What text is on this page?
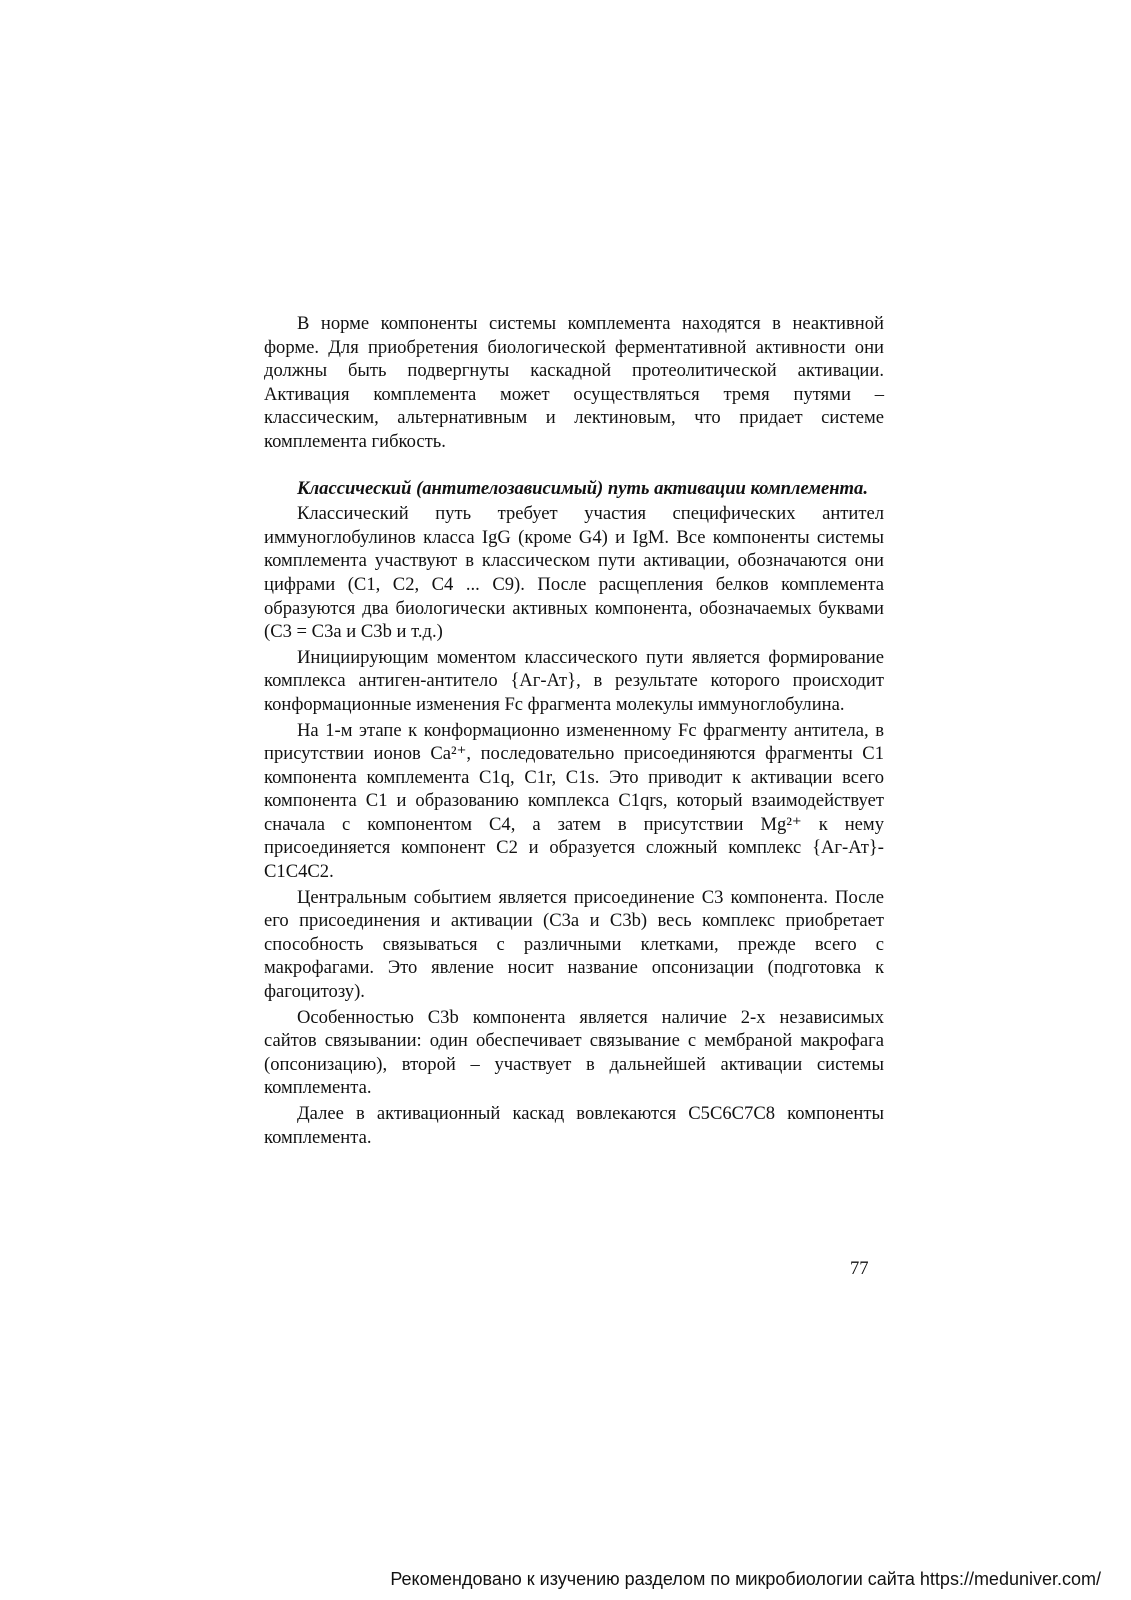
В норме компоненты системы комплемента находятся в неактивной форме. Для приобретения биологической ферментативной активности они должны быть подвергнуты каскадной протеолитической активации. Активация комплемента может осуществляться тремя путями – классическим, альтернативным и лектиновым, что придает системе комплемента гибкость.

Классический (антителозависимый) путь активации комплемента.

Классический путь требует участия специфических антител иммуноглобулинов класса IgG (кроме G4) и IgM. Все компоненты системы комплемента участвуют в классическом пути активации, обозначаются они цифрами (C1, C2, C4 ... C9). После расщепления белков комплемента образуются два биологически активных компонента, обозначаемых буквами (C3 = C3a и C3b и т.д.)

Инициирующим моментом классического пути является формирование комплекса антиген-антитело {Аг-Ат}, в результате которого происходит конформационные изменения Fc фрагмента молекулы иммуноглобулина.

На 1-м этапе к конформационно измененному Fc фрагменту антитела, в присутствии ионов Ca²⁺, последовательно присоединяются фрагменты C1 компонента комплемента C1q, C1r, C1s. Это приводит к активации всего компонента C1 и образованию комплекса C1qrs, который взаимодействует сначала с компонентом C4, а затем в присутствии Mg²⁺ к нему присоединяется компонент C2 и образуется сложный комплекс {Аг-Ат}-C1C4C2.

Центральным событием является присоединение C3 компонента. После его присоединения и активации (C3a и C3b) весь комплекс приобретает способность связываться с различными клетками, прежде всего с макрофагами. Это явление носит название опсонизации (подготовка к фагоцитозу).

Особенностью C3b компонента является наличие 2-х независимых сайтов связывании: один обеспечивает связывание с мембраной макрофага (опсонизацию), второй – участвует в дальнейшей активации системы комплемента.

Далее в активационный каскад вовлекаются C5C6C7C8 компоненты комплемента.

77
Рекомендовано к изучению разделом по микробиологии сайта https://meduniver.com/
